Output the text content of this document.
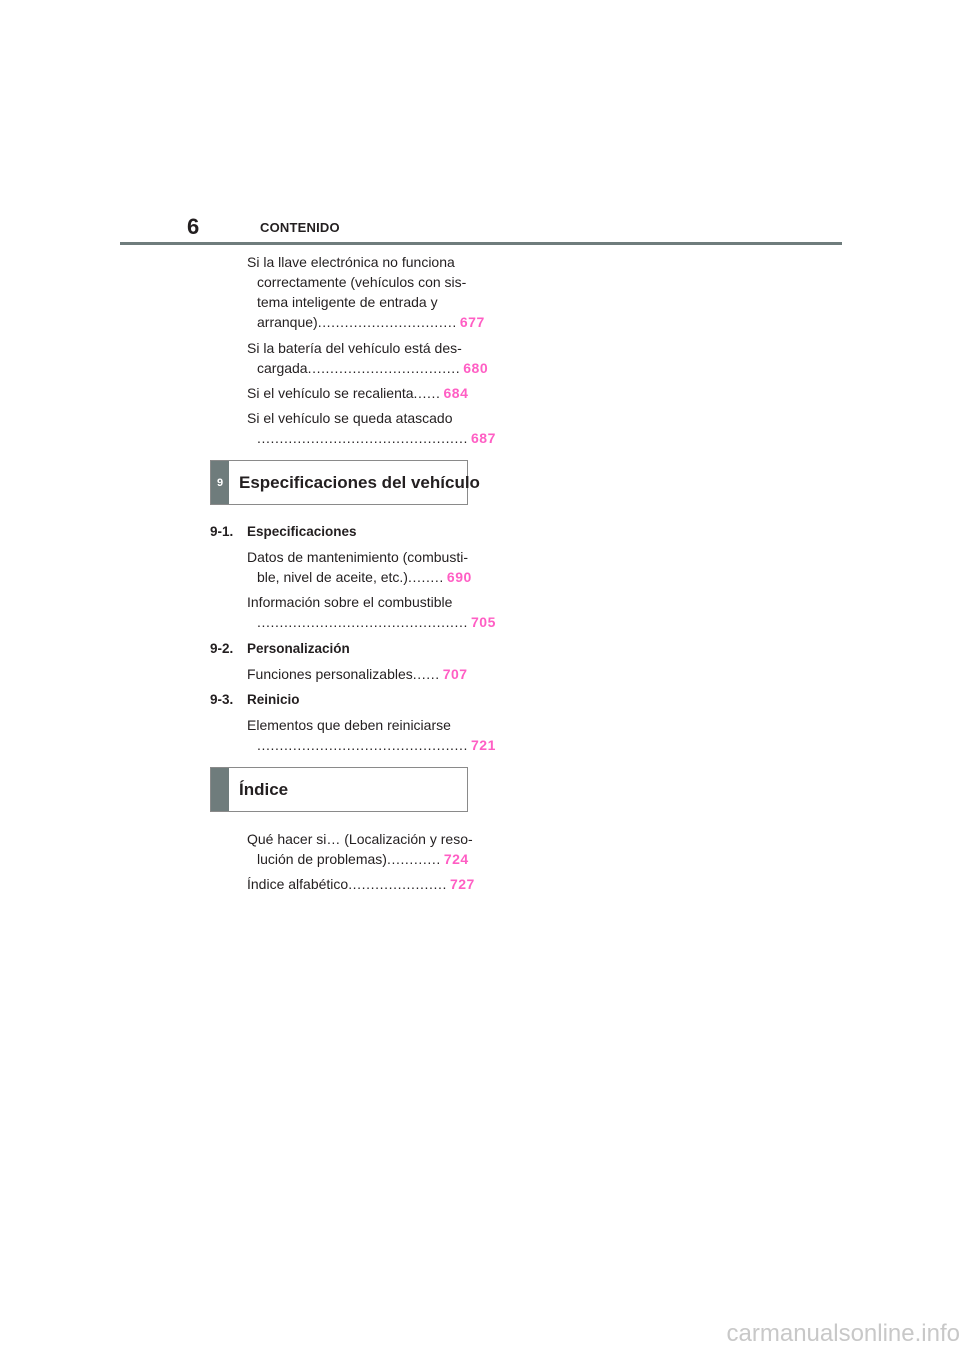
6	CONTENIDO
Si la llave electrónica no funciona
correctamente (vehículos con sis-
tema inteligente de entrada y
arranque) ............................... 677
Si la batería del vehículo está des-
cargada .................................. 680
Si el vehículo se recalienta ...... 684
Si el vehículo se queda atascado
............................................... 687
9 Especificaciones del vehículo
9-1. Especificaciones
Datos de mantenimiento (combusti-
ble, nivel de aceite, etc.) ........ 690
Información sobre el combustible
............................................... 705
9-2. Personalización
Funciones personalizables ...... 707
9-3. Reinicio
Elementos que deben reiniciarse
............................................... 721
Índice
Qué hacer si… (Localización y reso-
lución de problemas) ............ 724
Índice alfabético ...................... 727
carmanualsonline.info
